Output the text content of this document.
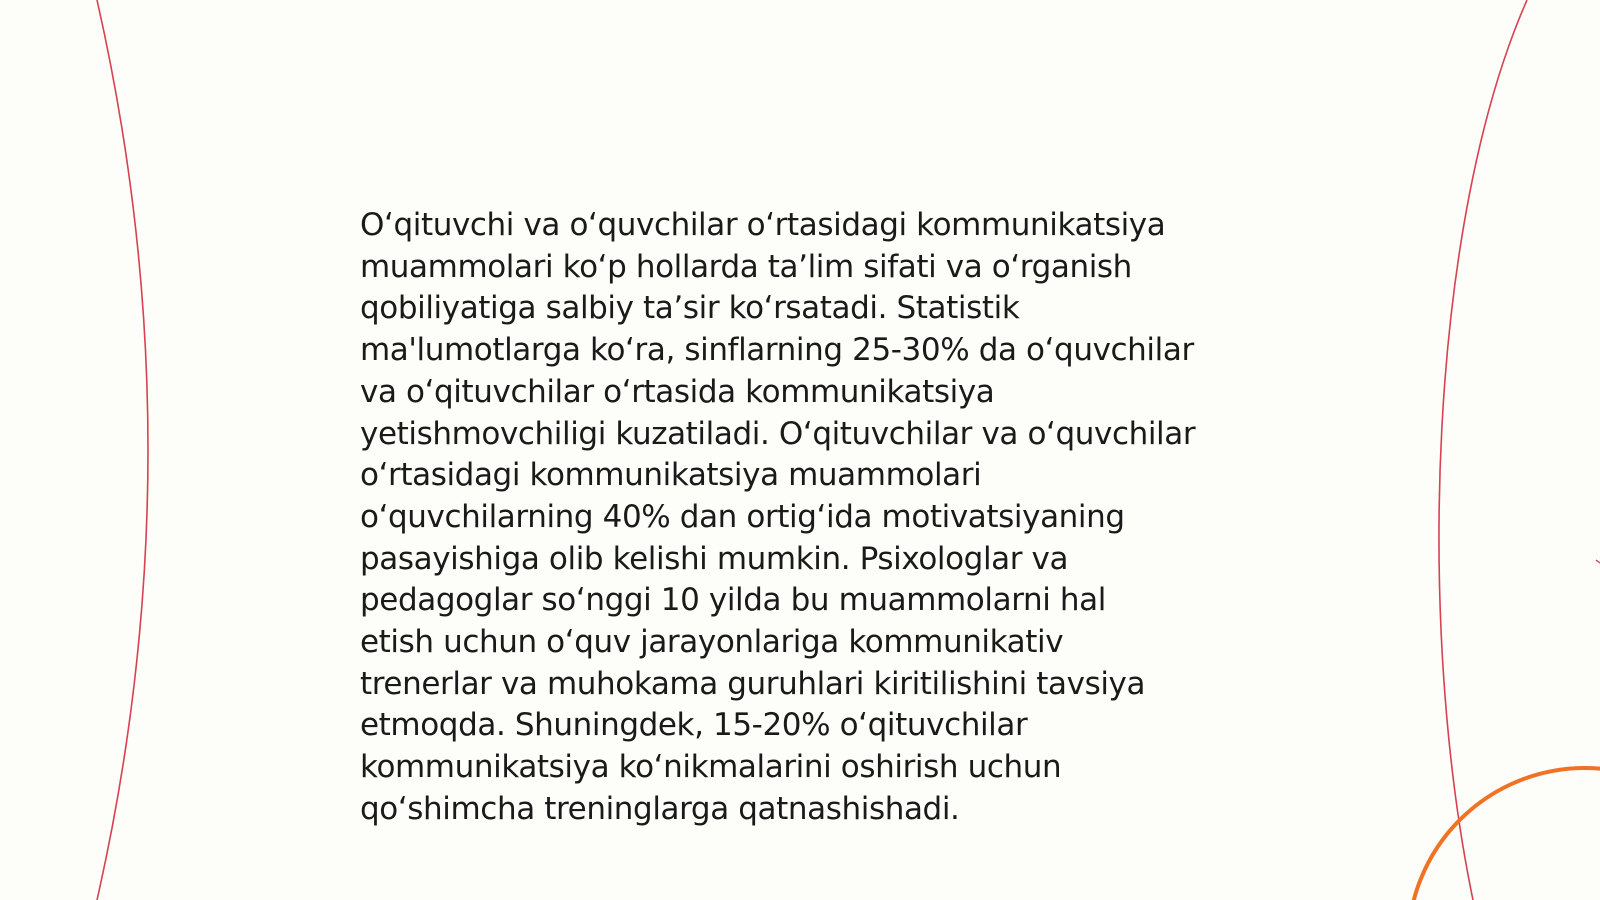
O‘qituvchi va o‘quvchilar o‘rtasidagi kommunikatsiya
muammolari ko‘p hollarda ta’lim sifati va o‘rganish
qobiliyatiga salbiy ta’sir ko‘rsatadi. Statistik
ma'lumotlarga ko‘ra, sinflarning 25-30% da o‘quvchilar
va o‘qituvchilar o‘rtasida kommunikatsiya
yetishmovchiligi kuzatiladi. O‘qituvchilar va o‘quvchilar
o‘rtasidagi kommunikatsiya muammolari
o‘quvchilarning 40% dan ortig‘ida motivatsiyaning
pasayishiga olib kelishi mumkin. Psixologlar va
pedagoglar so‘nggi 10 yilda bu muammolarni hal
etish uchun o‘quv jarayonlariga kommunikativ
trenerlar va muhokama guruhlari kiritilishini tavsiya
etmoqda. Shuningdek, 15-20% o‘qituvchilar
kommunikatsiya ko‘nikmalarini oshirish uchun
qo‘shimcha treninglarga qatnashishadi.
